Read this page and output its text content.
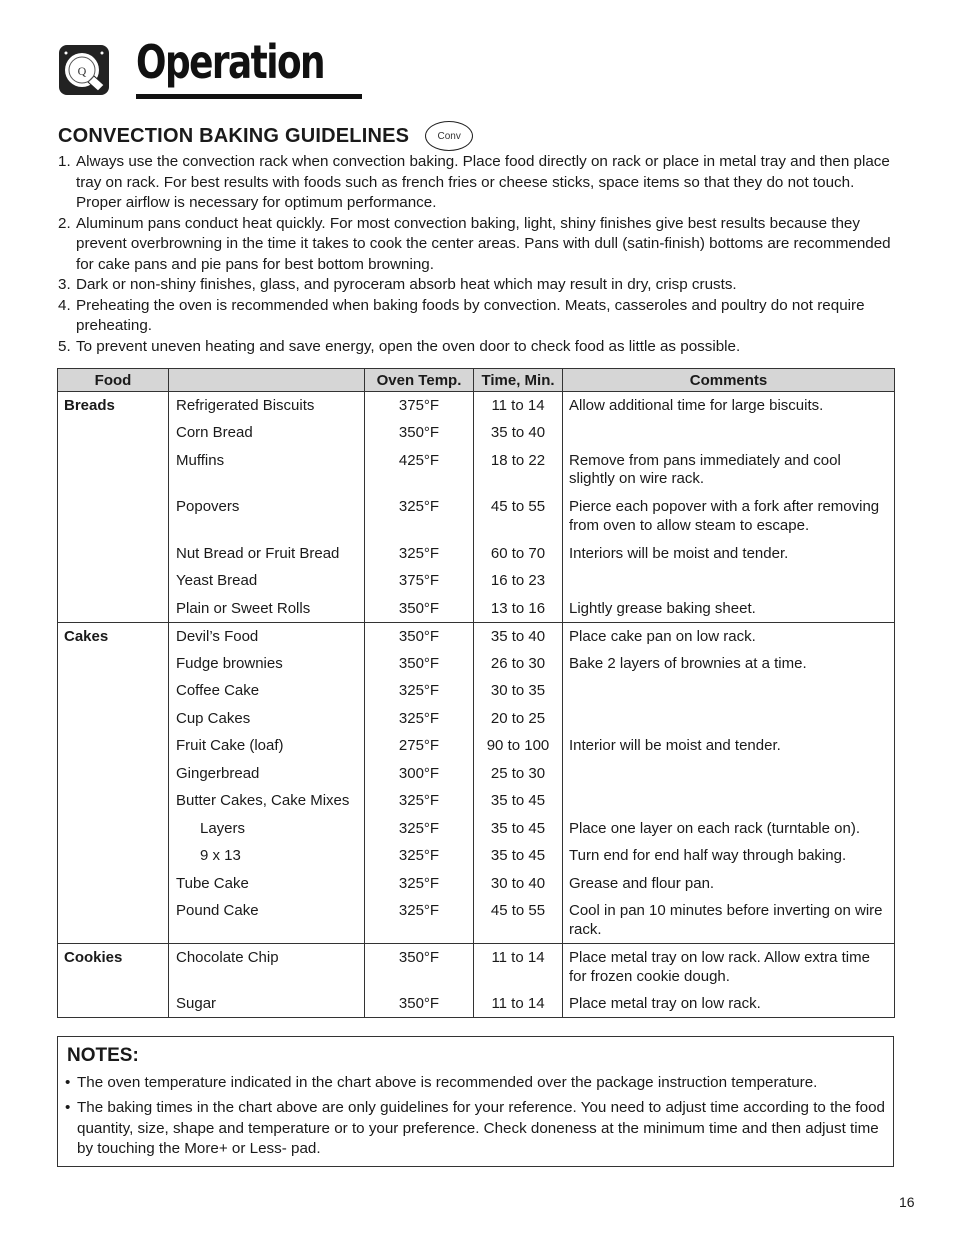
Q Operation
CONVECTION BAKING GUIDELINES	Conv
1. Always use the convection rack when convection baking. Place food directly on rack or place in metal tray and then place tray on rack. For best results with foods such as french fries or cheese sticks, space items so that they do not touch. Proper airflow is necessary for optimum performance.
2. Aluminum pans conduct heat quickly. For most convection baking, light, shiny finishes give best results because they prevent overbrowning in the time it takes to cook the center areas. Pans with dull (satin-finish) bottoms are recommended for cake pans and pie pans for best bottom browning.
3. Dark or non-shiny finishes, glass, and pyroceram absorb heat which may result in dry, crisp crusts.
4. Preheating the oven is recommended when baking foods by convection. Meats, casseroles and poultry do not require preheating.
5. To prevent uneven heating and save energy, open the oven door to check food as little as possible.
Food		Oven Temp.	Time, Min.	Comments
Breads	Refrigerated Biscuits	375°F	11 to 14	Allow additional time for large biscuits.
	Corn Bread	350°F	35 to 40	
	Muffins	425°F	18 to 22	Remove from pans immediately and cool slightly on wire rack.
	Popovers	325°F	45 to 55	Pierce each popover with a fork after removing from oven to allow steam to escape.
	Nut Bread or Fruit Bread	325°F	60 to 70	Interiors will be moist and tender.
	Yeast Bread	375°F	16 to 23	
	Plain or Sweet Rolls	350°F	13 to 16	Lightly grease baking sheet.
Cakes	Devil’s Food	350°F	35 to 40	Place cake pan on low rack.
	Fudge brownies	350°F	26 to 30	Bake 2 layers of brownies at a time.
	Coffee Cake	325°F	30 to 35	
	Cup Cakes	325°F	20 to 25	
	Fruit Cake (loaf)	275°F	90 to 100	Interior will be moist and tender.
	Gingerbread	300°F	25 to 30	
	Butter Cakes, Cake Mixes	325°F	35 to 45	
	Layers	325°F	35 to 45	Place one layer on each rack (turntable on).
	9 x 13	325°F	35 to 45	Turn end for end half way through baking.
	Tube Cake	325°F	30 to 40	Grease and flour pan.
	Pound Cake	325°F	45 to 55	Cool in pan 10 minutes before inverting on wire rack.
Cookies	Chocolate Chip	350°F	11 to 14	Place metal tray on low rack. Allow extra time for frozen cookie dough.
	Sugar	350°F	11 to 14	Place metal tray on low rack.
NOTES:
• The oven temperature indicated in the chart above is recommended over the package instruction temperature.
• The baking times in the chart above are only guidelines for your reference. You need to adjust time according to the food quantity, size, shape and temperature or to your preference. Check doneness at the minimum time and then adjust time by touching the More+ or Less- pad.
16
